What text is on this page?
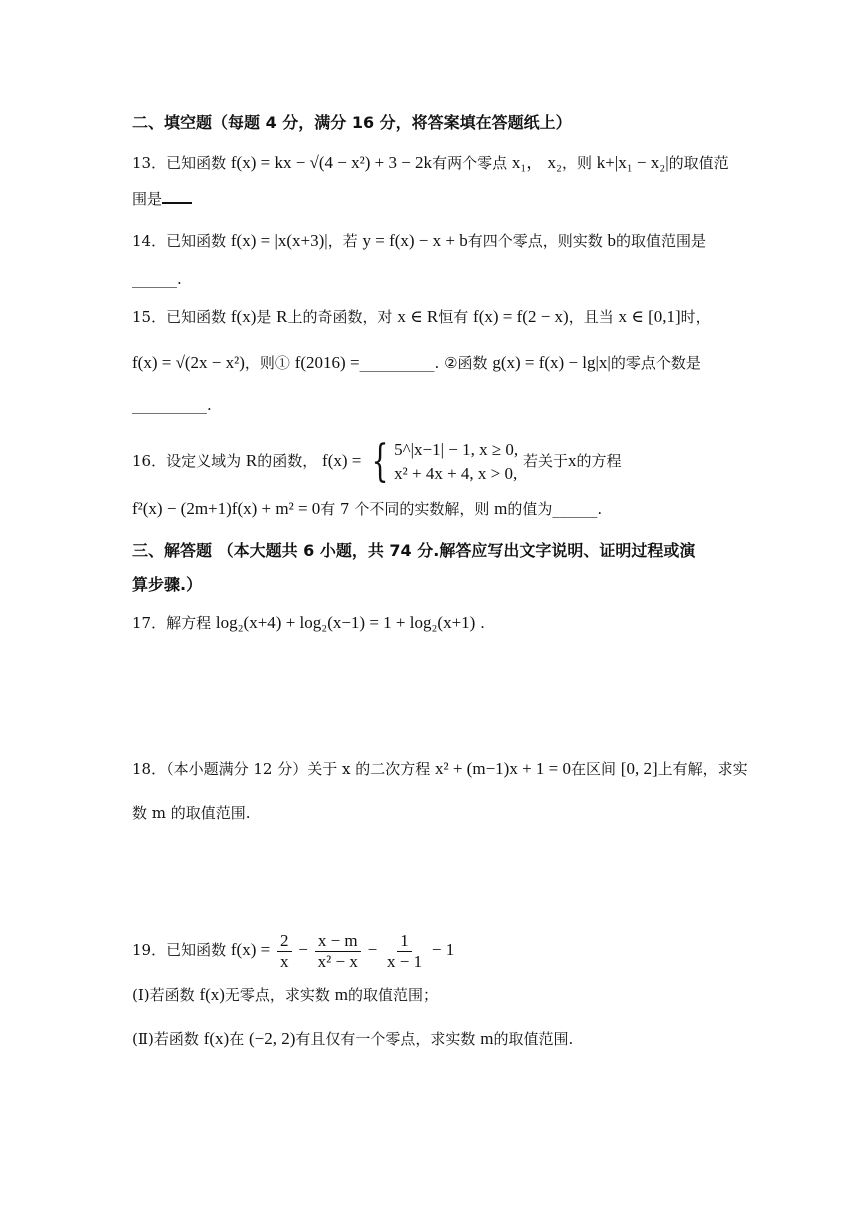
二、填空题（每题 4 分，满分 16 分，将答案填在答题纸上）
13．已知函数 f(x) = kx − √(4 − x²) + 3 − 2k有两个零点 x₁， x₂，则 k+|x₁ − x₂|的取值范
围是
14．已知函数 f(x) = |x(x+3)|，若 y = f(x) − x + b有四个零点，则实数 b的取值范围是
______.
15．已知函数 f(x)是 R上的奇函数，对 x ∈ R恒有 f(x) = f(2 − x)，且当 x ∈ [0,1]时，
f(x) = √(2x − x²)，则① f(2016) =__________. ②函数 g(x) = f(x) − lg|x|的零点个数是
__________.
16．设定义域为 R的函数， f(x) = { 5^|x−1| − 1, x ≥ 0,
x² + 4x + 4, x > 0,
若关于x的方程
f²(x) − (2m+1)f(x) + m² = 0有 7 个不同的实数解，则 m的值为______.
三、解答题 （本大题共 6 小题，共 74 分.解答应写出文字说明、证明过程或演
算步骤.）
17．解方程 log₂(x+4) + log₂(x−1) = 1 + log₂(x+1) .
18．（本小题满分 12 分）关于 x 的二次方程 x² + (m−1)x + 1 = 0在区间 [0, 2]上有解，求实
数 m 的取值范围.
19．已知函数 $f(x) = \frac{2}{x} - \frac{x - m}{\text{x² − x}} - \frac{1}{x - 1} - 1$
(Ⅰ)若函数 f(x)无零点，求实数 m的取值范围；
(Ⅱ)若函数 f(x)在 (−2, 2)有且仅有一个零点，求实数 m的取值范围.
